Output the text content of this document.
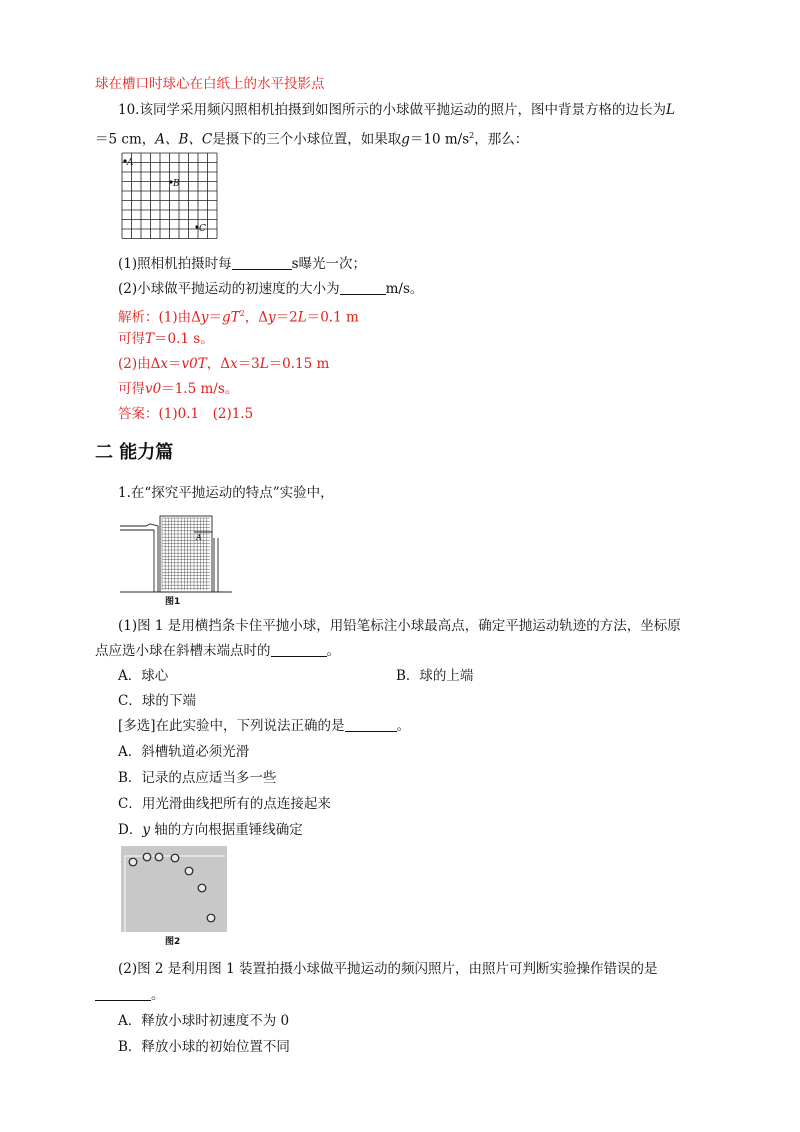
球在槽口时球心在白纸上的水平投影点
10.该同学采用频闪照相机拍摄到如图所示的小球做平抛运动的照片，图中背景方格的边长为L
＝5 cm，A、B、C是摄下的三个小球位置，如果取g＝10 $m/s^2$，那么：
A
B
C
(1)照相机拍摄时每	s曝光一次；
(2)小球做平抛运动的初速度的大小为	m/s。
解析：(1)由$\Delta y=gT^2$，Δy＝2L＝0.1 m
可得T＝0.1 s。
(2)由Δx＝v0T，Δx＝3L＝0.15 m
可得v0＝1.5 m/s。
答案：(1)0.1　(2)1.5
二 能力篇
1.在“探究平抛运动的特点”实验中，
A
图1
(1)图 1 是用横挡条卡住平抛小球，用铅笔标注小球最高点，确定平抛运动轨迹的方法，坐标原
点应选小球在斜槽末端点时的	。
A．球心	B．球的上端
C．球的下端
[多选]在此实验中，下列说法正确的是	。
A．斜槽轨道必须光滑
B．记录的点应适当多一些
C．用光滑曲线把所有的点连接起来
D．y 轴的方向根据重锤线确定
图2
(2)图 2 是利用图 1 装置拍摄小球做平抛运动的频闪照片，由照片可判断实验操作错误的是
。
A．释放小球时初速度不为 0
B．释放小球的初始位置不同
